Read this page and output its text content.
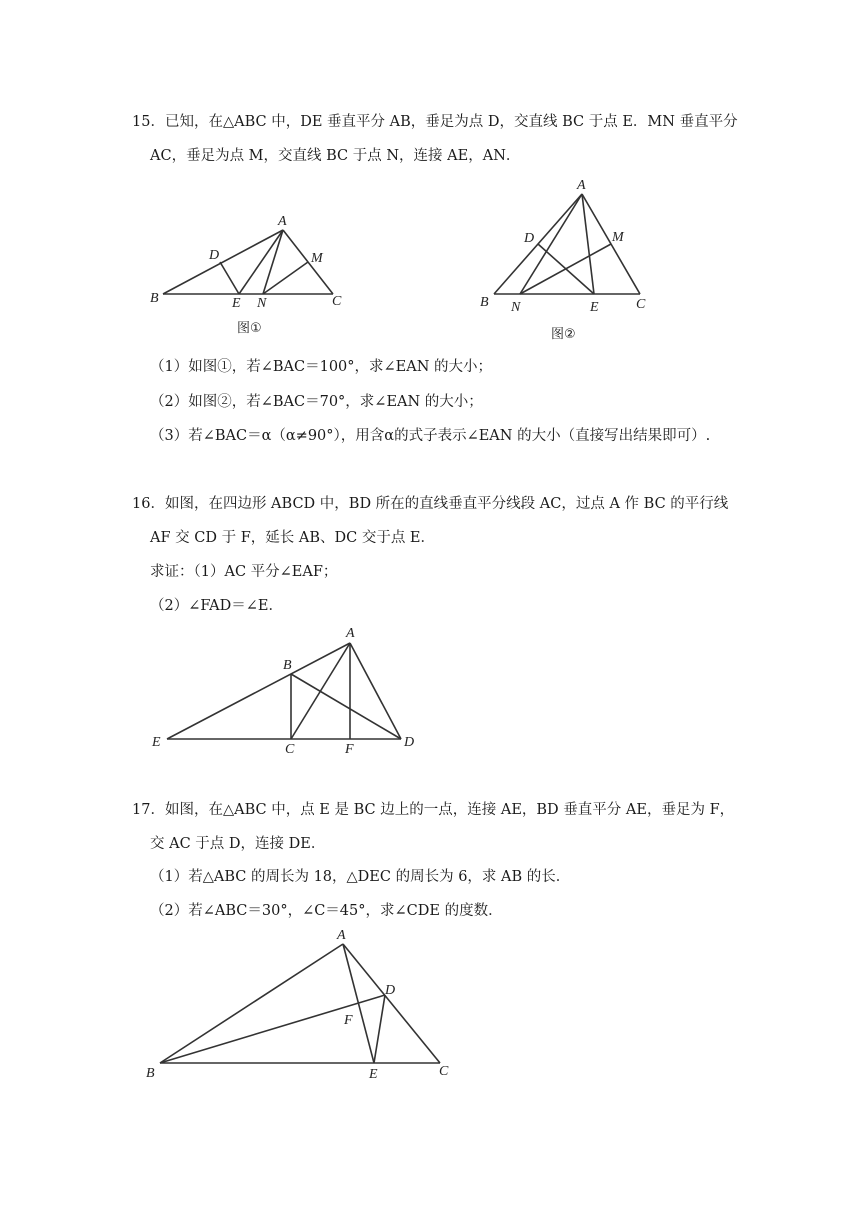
15．已知，在△ABC 中，DE 垂直平分 AB，垂足为点 D，交直线 BC 于点 E．MN 垂直平分
AC，垂足为点 M，交直线 BC 于点 N，连接 AE，AN．
A
B	C
D
E N
M
图①
A
B	C
D
E
N
M
图②
A
B
C	D
E	F
A
B	C
D
E
F
（1）如图①，若∠BAC＝100°，求∠EAN 的大小；
（2）如图②，若∠BAC＝70°，求∠EAN 的大小；
（3）若∠BAC＝α（α≠90°），用含α的式子表示∠EAN 的大小（直接写出结果即可）.
16．如图，在四边形 ABCD 中，BD 所在的直线垂直平分线段 AC，过点 A 作 BC 的平行线
AF 交 CD 于 F，延长 AB、DC 交于点 E．
求证：（1）AC 平分∠EAF；
（2）∠FAD＝∠E．
17．如图，在△ABC 中，点 E 是 BC 边上的一点，连接 AE，BD 垂直平分 AE，垂足为 F，
交 AC 于点 D，连接 DE．
（1）若△ABC 的周长为 18，△DEC 的周长为 6，求 AB 的长．
（2）若∠ABC＝30°，∠C＝45°，求∠CDE 的度数．
